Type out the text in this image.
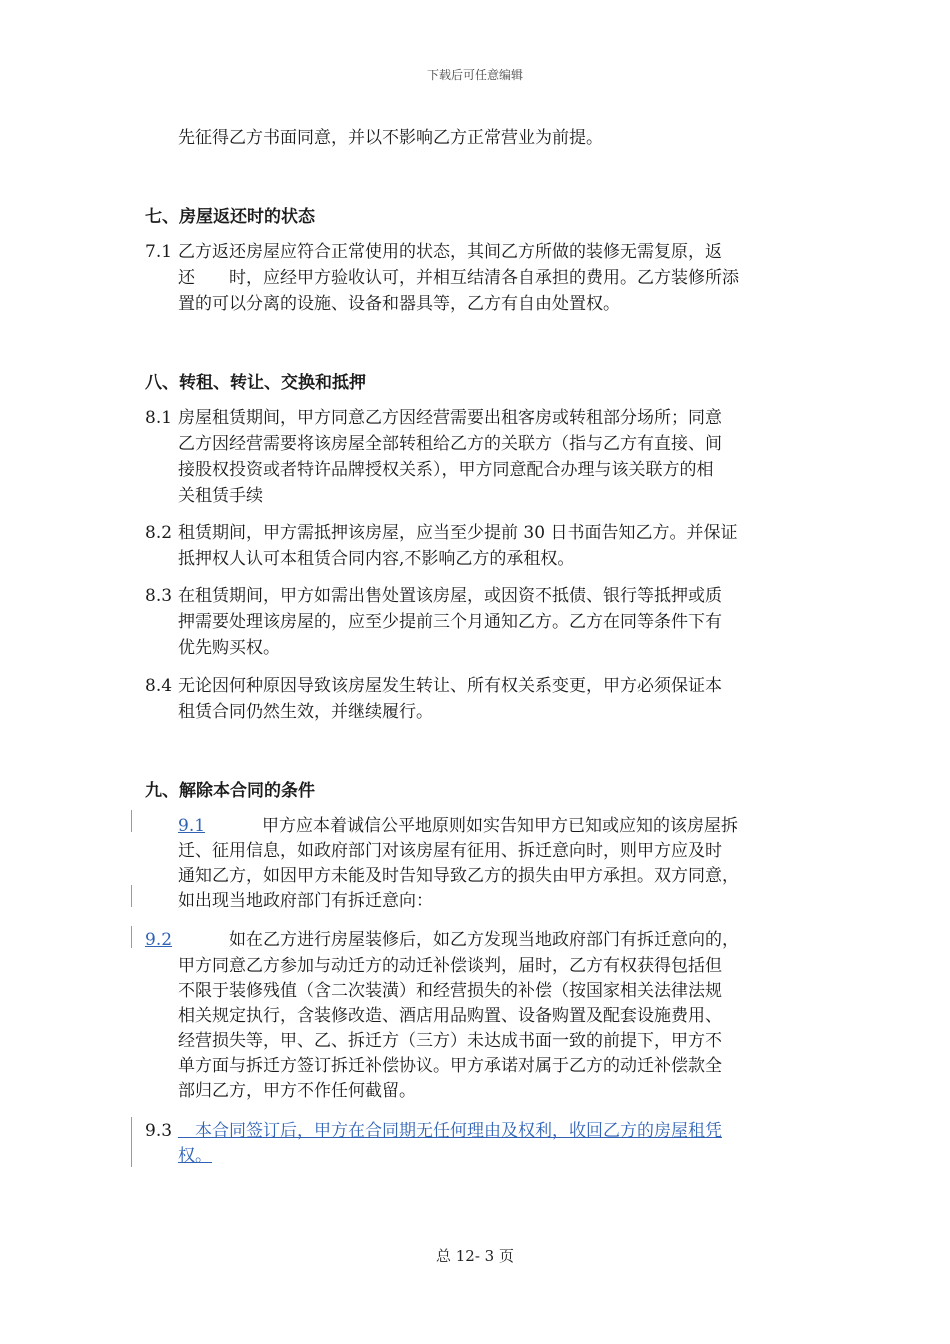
下载后可任意编辑
先征得乙方书面同意，并以不影响乙方正常营业为前提。
七、房屋返还时的状态
7.1 乙方返还房屋应符合正常使用的状态，其间乙方所做的装修无需复原，返
还　　时，应经甲方验收认可，并相互结清各自承担的费用。乙方装修所添
置的可以分离的设施、设备和器具等，乙方有自由处置权。
八、转租、转让、交换和抵押
8.1 房屋租赁期间，甲方同意乙方因经营需要出租客房或转租部分场所；同意
乙方因经营需要将该房屋全部转租给乙方的关联方（指与乙方有直接、间
接股权投资或者特许品牌授权关系），甲方同意配合办理与该关联方的相
关租赁手续
8.2 租赁期间，甲方需抵押该房屋，应当至少提前 30 日书面告知乙方。并保证
抵押权人认可本租赁合同内容,不影响乙方的承租权。
8.3 在租赁期间，甲方如需出售处置该房屋，或因资不抵债、银行等抵押或质
押需要处理该房屋的，应至少提前三个月通知乙方。乙方在同等条件下有
优先购买权。
8.4 无论因何种原因导致该房屋发生转让、所有权关系变更，甲方必须保证本
租赁合同仍然生效，并继续履行。
九、解除本合同的条件
9.1	甲方应本着诚信公平地原则如实告知甲方已知或应知的该房屋拆
迁、征用信息，如政府部门对该房屋有征用、拆迁意向时，则甲方应及时
通知乙方，如因甲方未能及时告知导致乙方的损失由甲方承担。双方同意，
如出现当地政府部门有拆迁意向：
9.2	如在乙方进行房屋装修后，如乙方发现当地政府部门有拆迁意向的，
甲方同意乙方参加与动迁方的动迁补偿谈判，届时，乙方有权获得包括但
不限于装修残值（含二次装潢）和经营损失的补偿（按国家相关法律法规
相关规定执行，含装修改造、酒店用品购置、设备购置及配套设施费用、
经营损失等，甲、乙、拆迁方（三方）未达成书面一致的前提下，甲方不
单方面与拆迁方签订拆迁补偿协议。甲方承诺对属于乙方的动迁补偿款全
部归乙方，甲方不作任何截留。
9.3
　	本合同签订后，甲方在合同期无任何理由及权利，收回乙方的房屋租凭
权。
总 12- 3 页
